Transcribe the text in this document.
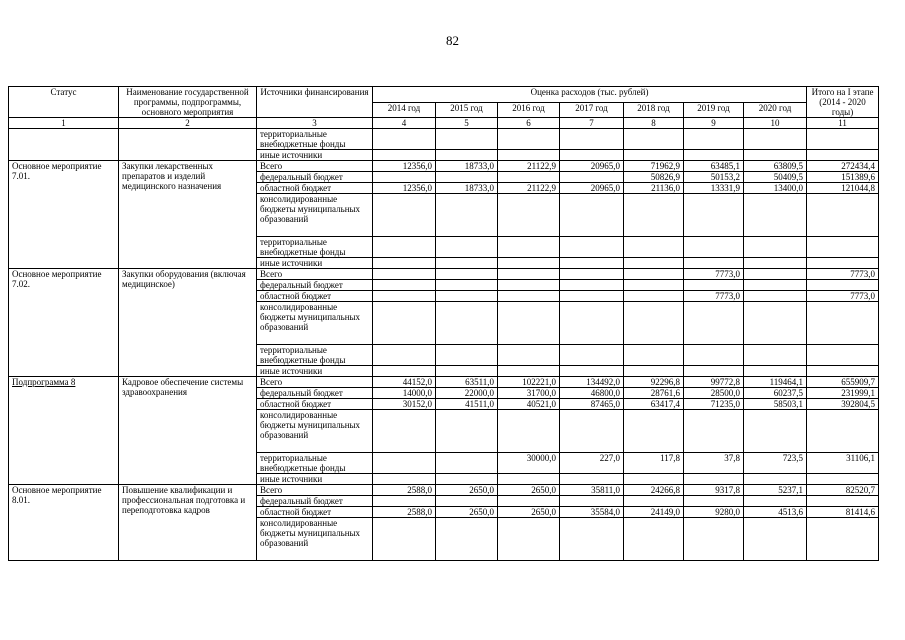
82
Статус	Наименование государственной программы, подпрограммы, основного мероприятия	Источники финансирования	Оценка расходов (тыс. рублей)							Итого на I этапе (2014 - 2020 годы)
			2014 год	2015 год	2016 год	2017 год	2018 год	2019 год	2020 год	
1	2	3	4	5	6	7	8	9	10	11
		территориальные внебюджетные фонды								
		иные источники								
Основное мероприятие 7.01.	Закупки лекарственных препаратов и изделий медицинского назначения	Всего	12356,0	18733,0	21122,9	20965,0	71962,9	63485,1	63809,5	272434,4
		федеральный бюджет					50826,9	50153,2	50409,5	151389,6
		областной бюджет	12356,0	18733,0	21122,9	20965,0	21136,0	13331,9	13400,0	121044,8
		консолидированные бюджеты муниципальных образований								
		территориальные внебюджетные фонды								
		иные источники								
Основное мероприятие 7.02.	Закупки оборудования (включая медицинское)	Всего						7773,0		7773,0
		федеральный бюджет								
		областной бюджет						7773,0		7773,0
		консолидированные бюджеты муниципальных образований								
		территориальные внебюджетные фонды								
		иные источники								
Подпрограмма 8	Кадровое обеспечение системы здравоохранения	Всего	44152,0	63511,0	102221,0	134492,0	92296,8	99772,8	119464,1	655909,7
		федеральный бюджет	14000,0	22000,0	31700,0	46800,0	28761,6	28500,0	60237,5	231999,1
		областной бюджет	30152,0	41511,0	40521,0	87465,0	63417,4	71235,0	58503,1	392804,5
		консолидированные бюджеты муниципальных образований								
		территориальные внебюджетные фонды			30000,0	227,0	117,8	37,8	723,5	31106,1
		иные источники								
Основное мероприятие 8.01.	Повышение квалификации и профессиональная подготовка и переподготовка кадров	Всего	2588,0	2650,0	2650,0	35811,0	24266,8	9317,8	5237,1	82520,7
		федеральный бюджет								
		областной бюджет	2588,0	2650,0	2650,0	35584,0	24149,0	9280,0	4513,6	81414,6
		консолидированные бюджеты муниципальных образований								
